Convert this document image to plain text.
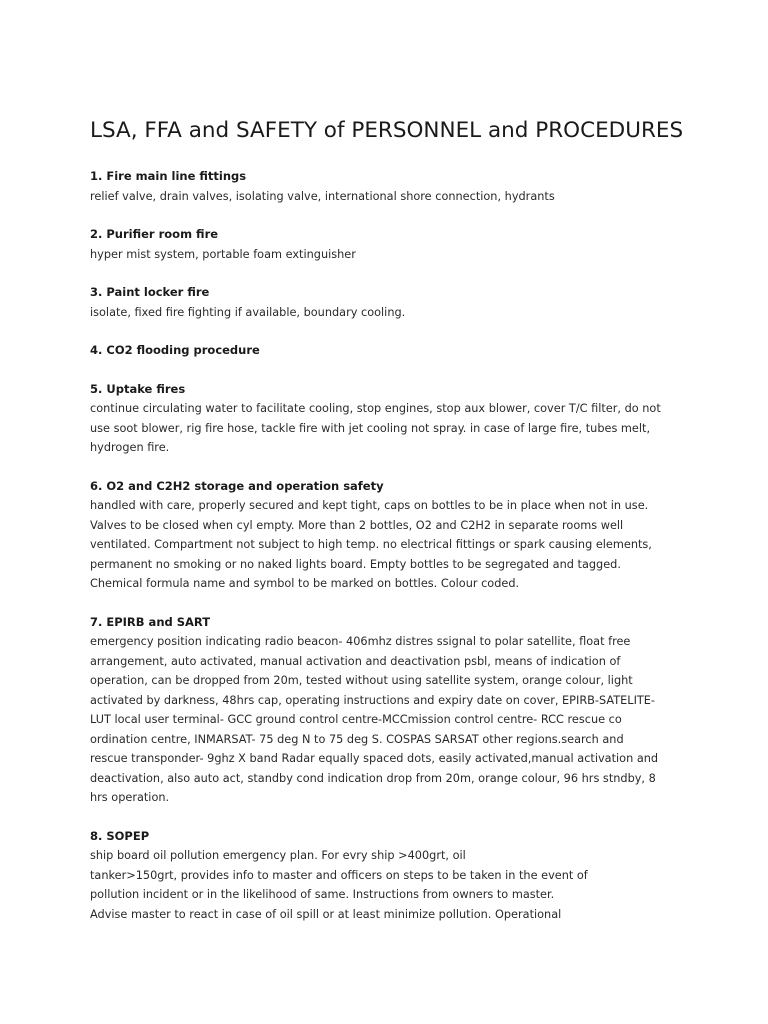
LSA, FFA and SAFETY of PERSONNEL and PROCEDURES
1. Fire main line fittings
relief valve, drain valves, isolating valve, international shore connection, hydrants
2. Purifier room fire
hyper mist system, portable foam extinguisher
3. Paint locker fire
isolate, fixed fire fighting if available, boundary cooling.
4. CO2 flooding procedure
5. Uptake fires
continue circulating water to facilitate cooling, stop engines, stop aux blower, cover T/C filter, do not
use soot blower, rig fire hose, tackle fire with jet cooling not spray. in case of large fire, tubes melt,
hydrogen fire.
6. O2 and C2H2 storage and operation safety
handled with care, properly secured and kept tight, caps on bottles to be in place when not in use.
Valves to be closed when cyl empty. More than 2 bottles, O2 and C2H2 in separate rooms well
ventilated. Compartment not subject to high temp. no electrical fittings or spark causing elements,
permanent no smoking or no naked lights board. Empty bottles to be segregated and tagged.
Chemical formula name and symbol to be marked on bottles. Colour coded.
7. EPIRB and SART
emergency position indicating radio beacon- 406mhz distres ssignal to polar satellite, float free
arrangement, auto activated, manual activation and deactivation psbl, means of indication of
operation, can be dropped from 20m, tested without using satellite system, orange colour, light
activated by darkness, 48hrs cap, operating instructions and expiry date on cover, EPIRB-SATELITE-
LUT local user terminal- GCC ground control centre-MCCmission control centre- RCC rescue co
ordination centre, INMARSAT- 75 deg N to 75 deg S. COSPAS SARSAT other regions.search and
rescue transponder- 9ghz X band Radar equally spaced dots, easily activated,manual activation and
deactivation, also auto act, standby cond indication drop from 20m, orange colour, 96 hrs stndby, 8
hrs operation.
8. SOPEP
ship board oil pollution emergency plan. For evry ship >400grt, oil
tanker>150grt, provides info to master and officers on steps to be taken in the event of
pollution incident or in the likelihood of same. Instructions from owners to master.
Advise master to react in case of oil spill or at least minimize pollution. Operational
